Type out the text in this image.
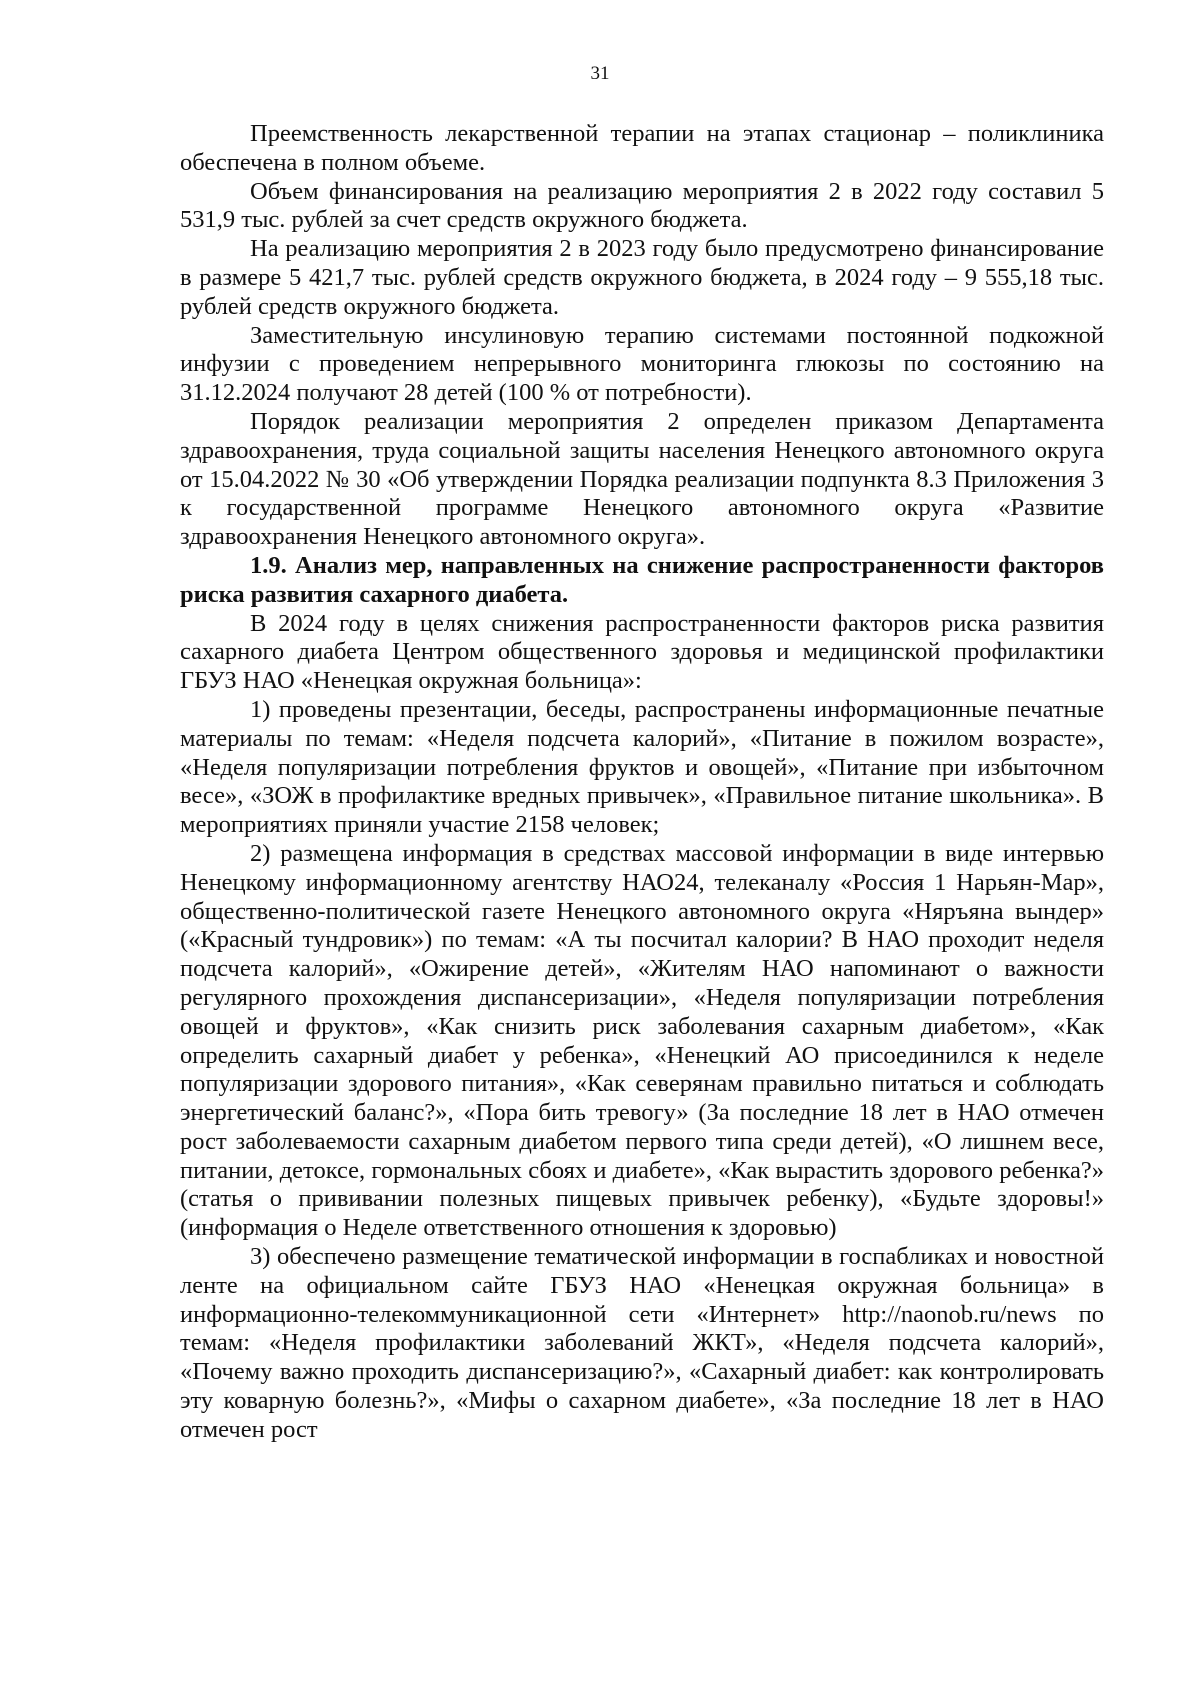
31

Преемственность лекарственной терапии на этапах стационар – поликлиника обеспечена в полном объеме.

Объем финансирования на реализацию мероприятия 2 в 2022 году составил 5 531,9 тыс. рублей за счет средств окружного бюджета.

На реализацию мероприятия 2 в 2023 году было предусмотрено финансирование в размере 5 421,7 тыс. рублей средств окружного бюджета, в 2024 году – 9 555,18 тыс. рублей средств окружного бюджета.

Заместительную инсулиновую терапию системами постоянной подкожной инфузии с проведением непрерывного мониторинга глюкозы по состоянию на 31.12.2024 получают 28 детей (100 % от потребности).

Порядок реализации мероприятия 2 определен приказом Департамента здравоохранения, труда социальной защиты населения Ненецкого автономного округа от 15.04.2022 № 30 «Об утверждении Порядка реализации подпункта 8.3 Приложения 3 к государственной программе Ненецкого автономного округа «Развитие здравоохранения Ненецкого автономного округа».

1.9. Анализ мер, направленных на снижение распространенности факторов риска развития сахарного диабета.

В 2024 году в целях снижения распространенности факторов риска развития сахарного диабета Центром общественного здоровья и медицинской профилактики ГБУЗ НАО «Ненецкая окружная больница»:

1) проведены презентации, беседы, распространены информационные печатные материалы по темам: «Неделя подсчета калорий», «Питание в пожилом возрасте», «Неделя популяризации потребления фруктов и овощей», «Питание при избыточном весе», «ЗОЖ в профилактике вредных привычек», «Правильное питание школьника». В мероприятиях приняли участие 2158 человек;

2) размещена информация в средствах массовой информации в виде интервью Ненецкому информационному агентству НАО24, телеканалу «Россия 1 Нарьян-Мар», общественно-политической газете Ненецкого автономного округа «Няръяна вындер» («Красный тундровик») по темам: «А ты посчитал калории? В НАО проходит неделя подсчета калорий», «Ожирение детей», «Жителям НАО напоминают о важности регулярного прохождения диспансеризации», «Неделя популяризации потребления овощей и фруктов», «Как снизить риск заболевания сахарным диабетом», «Как определить сахарный диабет у ребенка», «Ненецкий АО присоединился к неделе популяризации здорового питания», «Как северянам правильно питаться и соблюдать энергетический баланс?», «Пора бить тревогу» (За последние 18 лет в НАО отмечен рост заболеваемости сахарным диабетом первого типа среди детей), «О лишнем весе, питании, детоксе, гормональных сбоях и диабете», «Как вырастить здорового ребенка?» (статья о прививании полезных пищевых привычек ребенку), «Будьте здоровы!» (информация о Неделе ответственного отношения к здоровью)

3) обеспечено размещение тематической информации в госпабликах и новостной ленте на официальном сайте ГБУЗ НАО «Ненецкая окружная больница» в информационно-телекоммуникационной сети «Интернет» http://naonob.ru/news по темам: «Неделя профилактики заболеваний ЖКТ», «Неделя подсчета калорий», «Почему важно проходить диспансеризацию?», «Сахарный диабет: как контролировать эту коварную болезнь?», «Мифы о сахарном диабете», «За последние 18 лет в НАО отмечен рост
